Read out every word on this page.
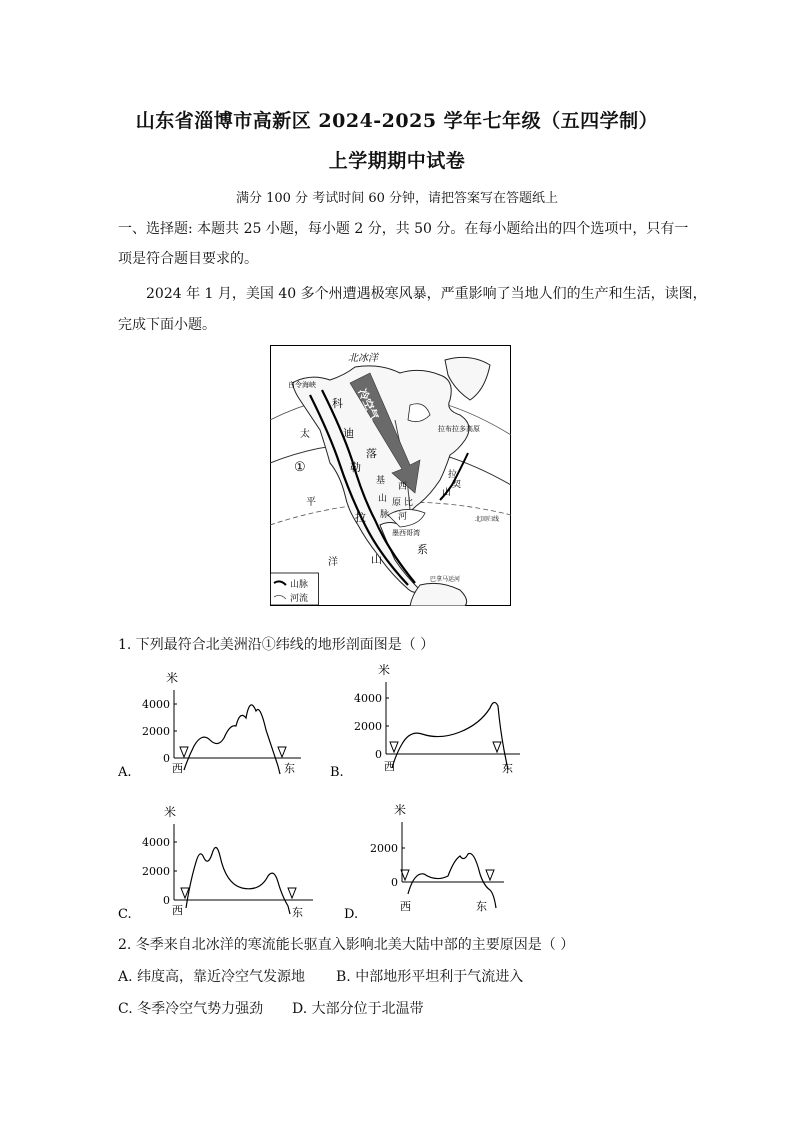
山东省淄博市高新区 2024-2025 学年七年级（五四学制）
上学期期中试卷
满分 100 分 考试时间 60 分钟，请把答案写在答题纸上
一、选择题: 本题共 25 小题，每小题 2 分，共 50 分。在每小题给出的四个选项中，只有一
项是符合题目要求的。
2024 年 1 月，美国 40 多个州遭遇极寒风暴，严重影响了当地人们的生产和生活，读图，
完成下面小题。
北冰洋
白令海峡
冷空气
太
平
洋
①
科
迪
勒
落
拉
山
系
基
山
脉
西
比
河
原
拉
山
契
拉布拉多高原
墨西哥湾
巴拿马运河
北回归线
山脉
河流
1. 下列最符合北美洲沿①纬线的地形剖面图是（ ）
米
4000
2000
0
西	东
A.
米
4000
2000
0
西	东
B.
米
4000
2000
0
西	东
C.
米
2000
0
西	东
D.
2. 冬季来自北冰洋的寒流能长驱直入影响北美大陆中部的主要原因是（ ）
A. 纬度高，靠近冷空气发源地 B. 中部地形平坦利于气流进入
C. 冬季冷空气势力强劲 D. 大部分位于北温带
